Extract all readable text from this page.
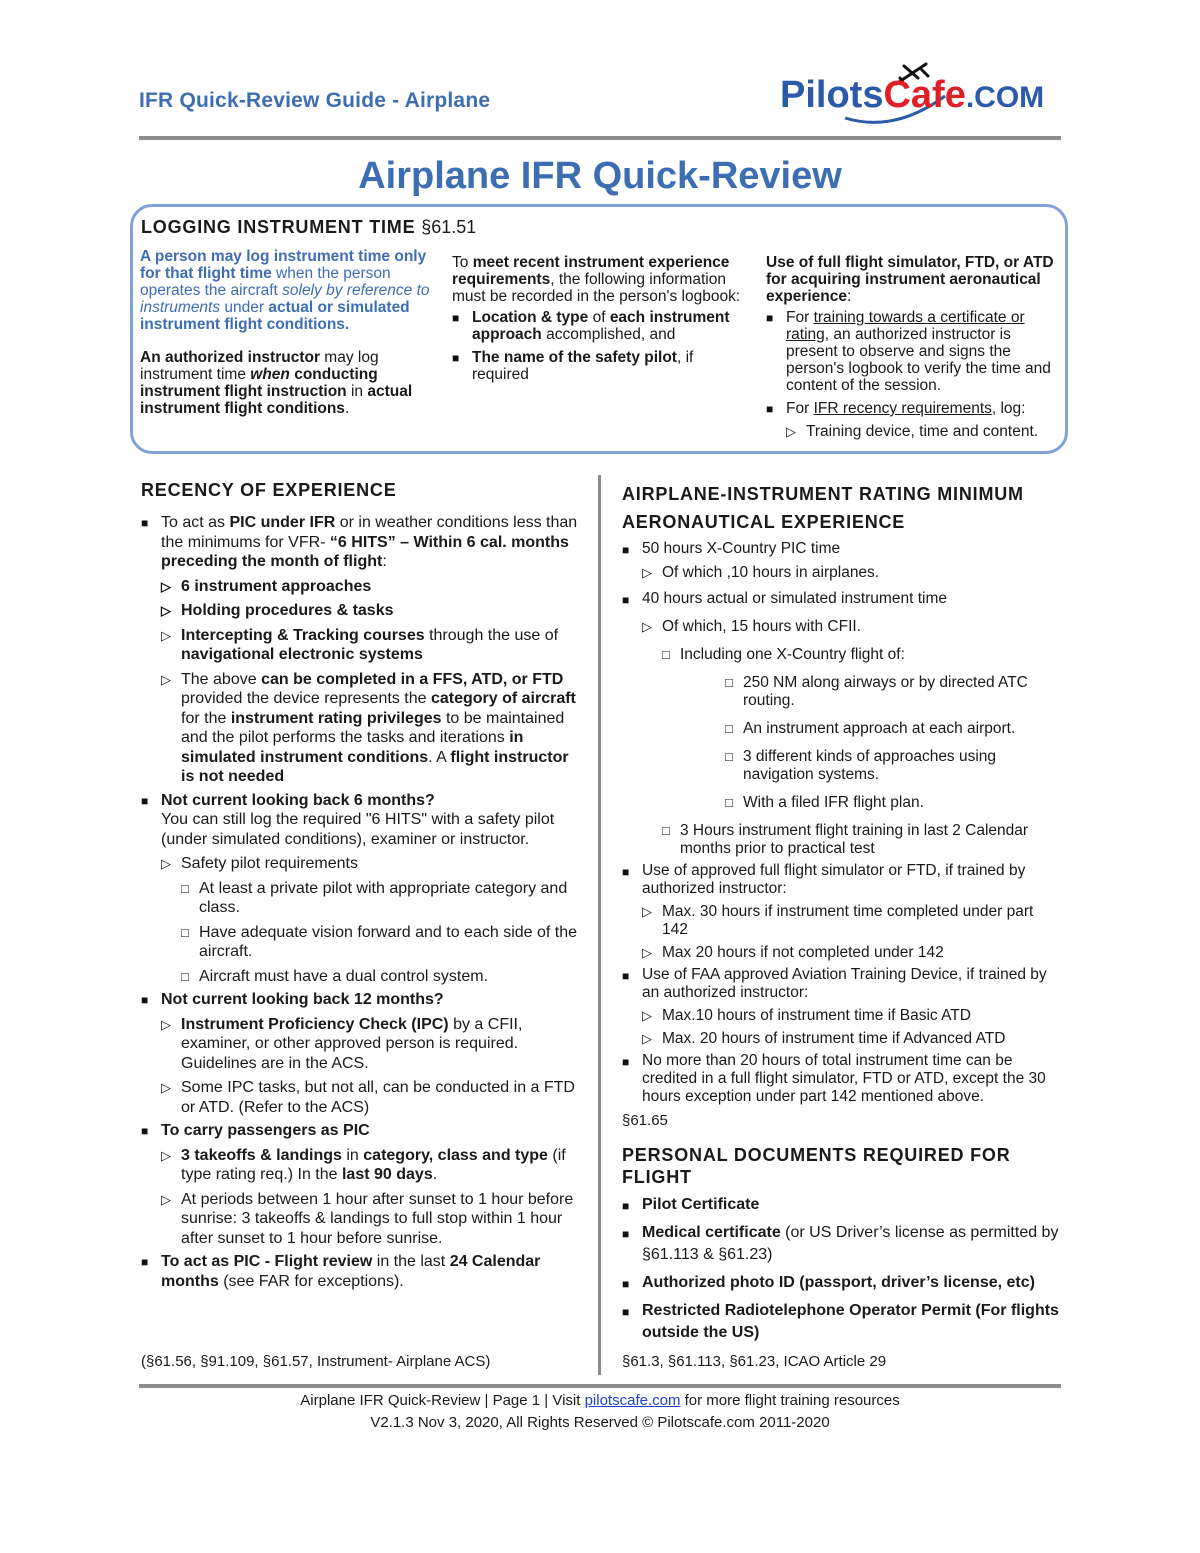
IFR Quick-Review Guide - Airplane	PilotsCafe.COM
Airplane IFR Quick-Review
LOGGING INSTRUMENT TIME §61.51

A person may log instrument time only for that flight time when the person operates the aircraft solely by reference to instruments under actual or simulated instrument flight conditions.

An authorized instructor may log instrument time when conducting instrument flight instruction in actual instrument flight conditions.

To meet recent instrument experience requirements, the following information must be recorded in the person's logbook:

■ Location & type of each instrument approach accomplished, and
■ The name of the safety pilot, if required

Use of full flight simulator, FTD, or ATD for acquiring instrument aeronautical experience:

■ For training towards a certificate or rating, an authorized instructor is present to observe and signs the person's logbook to verify the time and content of the session.
■ For IFR recency requirements, log:
▷ Training device, time and content.
RECENCY OF EXPERIENCE
■ To act as PIC under IFR or in weather conditions less than the minimums for VFR- “6 HITS” – Within 6 cal. months preceding the month of flight:
▷ 6 instrument approaches
▷ Holding procedures & tasks
▷ Intercepting & Tracking courses through the use of navigational electronic systems
▷ The above can be completed in a FFS, ATD, or FTD provided the device represents the category of aircraft for the instrument rating privileges to be maintained and the pilot performs the tasks and iterations in simulated instrument conditions. A flight instructor is not needed
■ Not current looking back 6 months?
You can still log the required "6 HITS" with a safety pilot (under simulated conditions), examiner or instructor.
▷ Safety pilot requirements
□ At least a private pilot with appropriate category and class.
□ Have adequate vision forward and to each side of the aircraft.
□ Aircraft must have a dual control system.
■ Not current looking back 12 months?
▷ Instrument Proficiency Check (IPC) by a CFII, examiner, or other approved person is required. Guidelines are in the ACS.
▷ Some IPC tasks, but not all, can be conducted in a FTD or ATD. (Refer to the ACS)
■ To carry passengers as PIC
▷ 3 takeoffs & landings in category, class and type (if type rating req.) In the last 90 days.
▷ At periods between 1 hour after sunset to 1 hour before sunrise: 3 takeoffs & landings to full stop within 1 hour after sunset to 1 hour before sunrise.
■ To act as PIC - Flight review in the last 24 Calendar months (see FAR for exceptions).
(§61.56, §91.109, §61.57, Instrument- Airplane ACS)
AIRPLANE-INSTRUMENT RATING MINIMUM AERONAUTICAL EXPERIENCE
■ 50 hours X-Country PIC time
▷ Of which ,10 hours in airplanes.
■ 40 hours actual or simulated instrument time
▷ Of which, 15 hours with CFII.
□ Including one X-Country flight of:
□ 250 NM along airways or by directed ATC routing.
□ An instrument approach at each airport.
□ 3 different kinds of approaches using navigation systems.
□ With a filed IFR flight plan.
□ 3 Hours instrument flight training in last 2 Calendar months prior to practical test
■ Use of approved full flight simulator or FTD, if trained by authorized instructor:
▷ Max. 30 hours if instrument time completed under part 142
▷ Max 20 hours if not completed under 142
■ Use of FAA approved Aviation Training Device, if trained by an authorized instructor:
▷ Max.10 hours of instrument time if Basic ATD
▷ Max. 20 hours of instrument time if Advanced ATD
■ No more than 20 hours of total instrument time can be credited in a full flight simulator, FTD or ATD, except the 30 hours exception under part 142 mentioned above.

§61.65

PERSONAL DOCUMENTS REQUIRED FOR FLIGHT
■ Pilot Certificate
■ Medical certificate (or US Driver’s license as permitted by §61.113 & §61.23)
■ Authorized photo ID (passport, driver’s license, etc)
■ Restricted Radiotelephone Operator Permit (For flights outside the US)
§61.3, §61.113, §61.23, ICAO Article 29
Airplane IFR Quick-Review | Page 1 | Visit pilotscafe.com for more flight training resources
V2.1.3 Nov 3, 2020, All Rights Reserved © Pilotscafe.com 2011-2020
